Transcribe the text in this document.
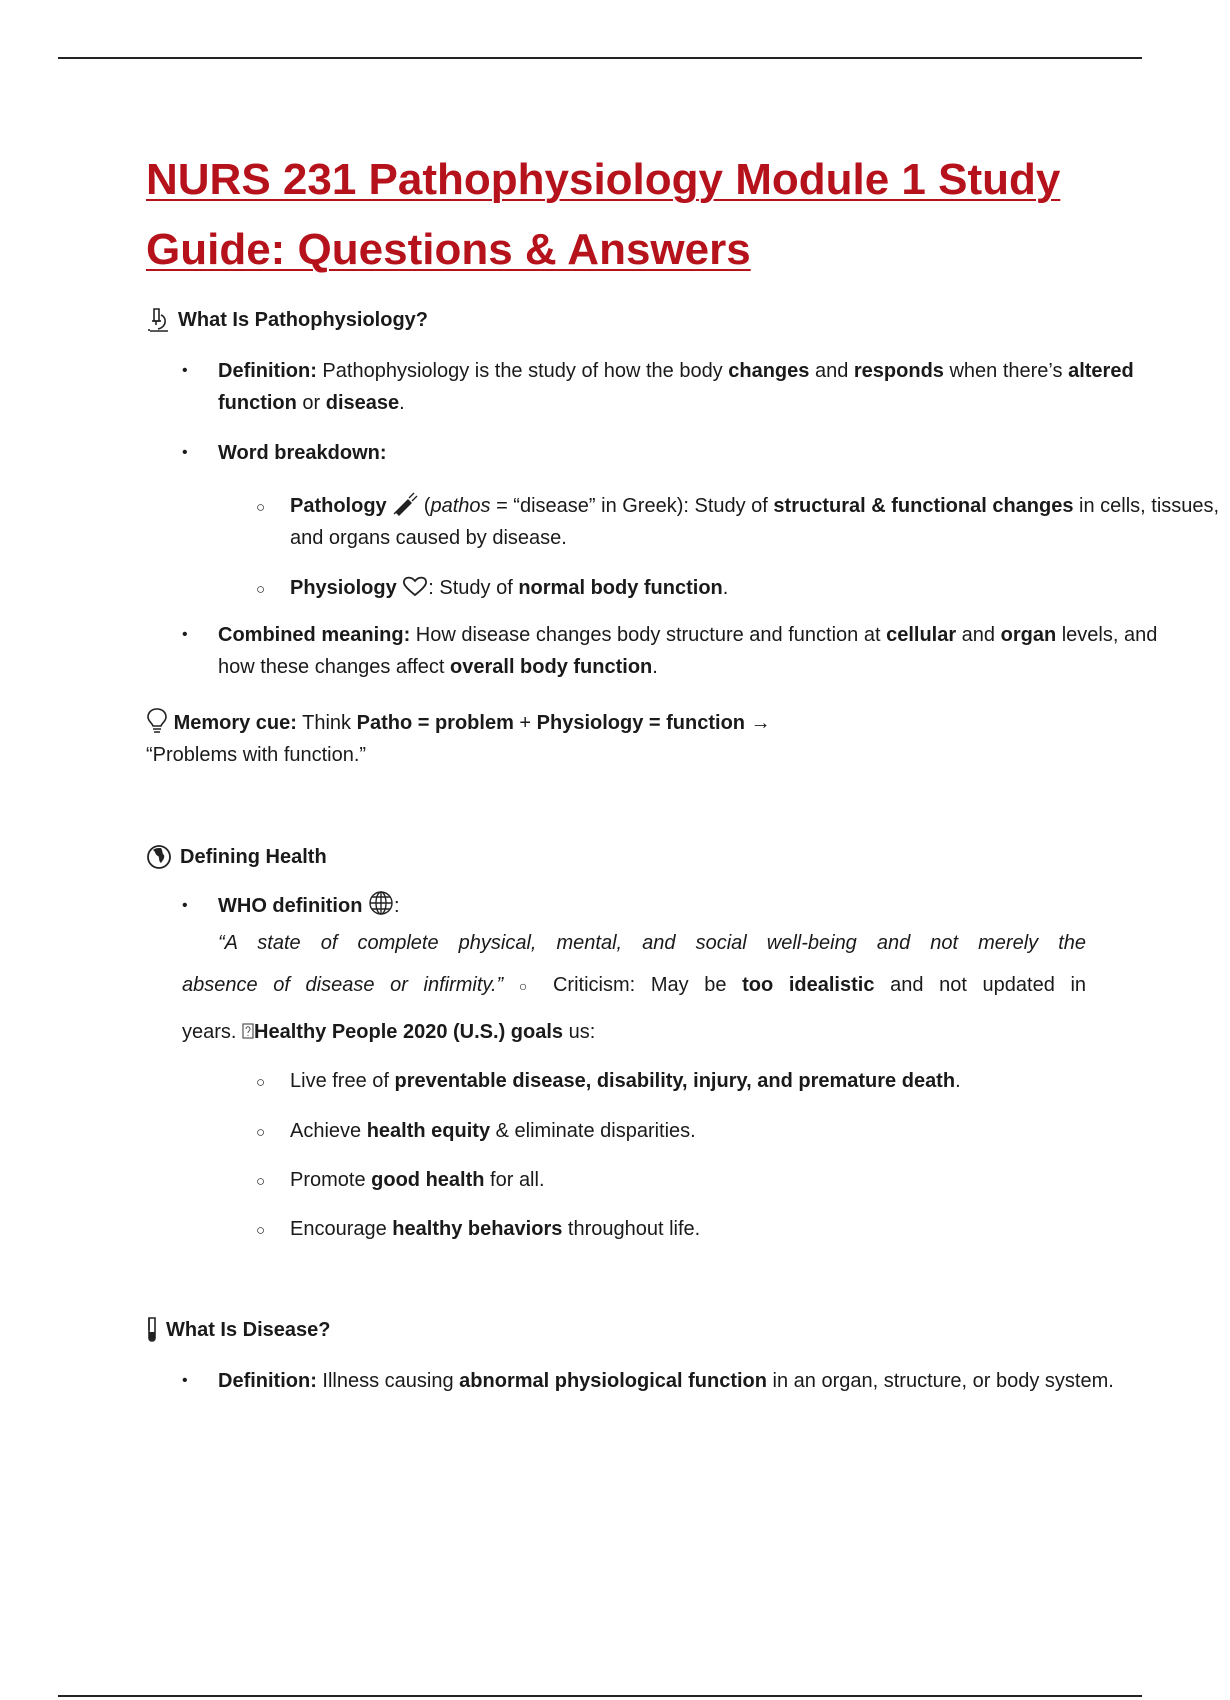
NURS 231 Pathophysiology Module 1 Study
Guide: Questions & Answers
What Is Pathophysiology?
• Definition: Pathophysiology is the study of how the body changes and responds when there’s altered function or disease.
• Word breakdown:
○ Pathology
(pathos = “disease” in Greek): Study of structural & functional changes in cells, tissues, and organs caused by disease.
○ Physiology : Study of normal body function.
• Combined meaning: How disease changes body structure and function at cellular and organ levels, and how these changes affect overall body function.
Memory cue: Think Patho = problem + Physiology = function →
“Problems with function.”
Defining Health
• WHO definition :
“A state of complete physical, mental, and social well-being and not merely the
absence of disease or infirmity.” ○ Criticism: May be too idealistic and not updated in
years. Healthy People 2020 (U.S.) goals us:
○ Live free of preventable disease, disability, injury, and premature death.
○ Achieve health equity & eliminate disparities.
○ Promote good health for all.
○ Encourage healthy behaviors throughout life.
What Is Disease?
• Definition: Illness causing abnormal physiological function in an organ, structure, or body system.
